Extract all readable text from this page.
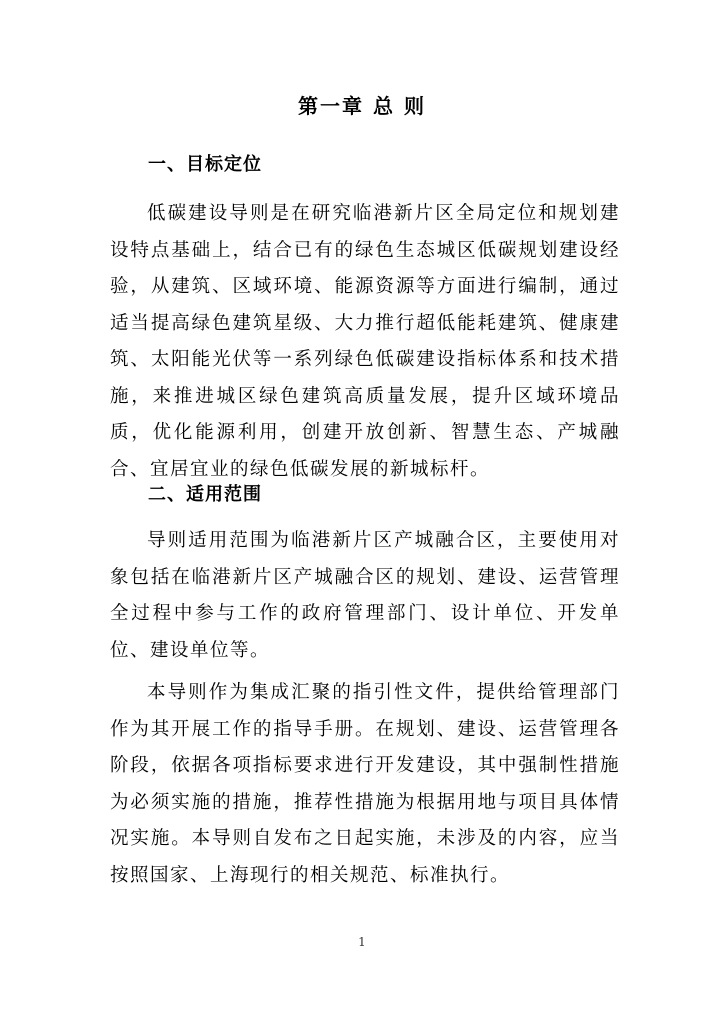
第一章 总 则
一、目标定位

低碳建设导则是在研究临港新片区全局定位和规划建设特点基础上，结合已有的绿色生态城区低碳规划建设经验，从建筑、区域环境、能源资源等方面进行编制，通过适当提高绿色建筑星级、大力推行超低能耗建筑、健康建筑、太阳能光伏等一系列绿色低碳建设指标体系和技术措施，来推进城区绿色建筑高质量发展，提升区域环境品质，优化能源利用，创建开放创新、智慧生态、产城融合、宜居宜业的绿色低碳发展的新城标杆。

二、适用范围

导则适用范围为临港新片区产城融合区，主要使用对象包括在临港新片区产城融合区的规划、建设、运营管理全过程中参与工作的政府管理部门、设计单位、开发单位、建设单位等。

本导则作为集成汇聚的指引性文件，提供给管理部门作为其开展工作的指导手册。在规划、建设、运营管理各阶段，依据各项指标要求进行开发建设，其中强制性措施为必须实施的措施，推荐性措施为根据用地与项目具体情况实施。本导则自发布之日起实施，未涉及的内容，应当按照国家、上海现行的相关规范、标准执行。

1
